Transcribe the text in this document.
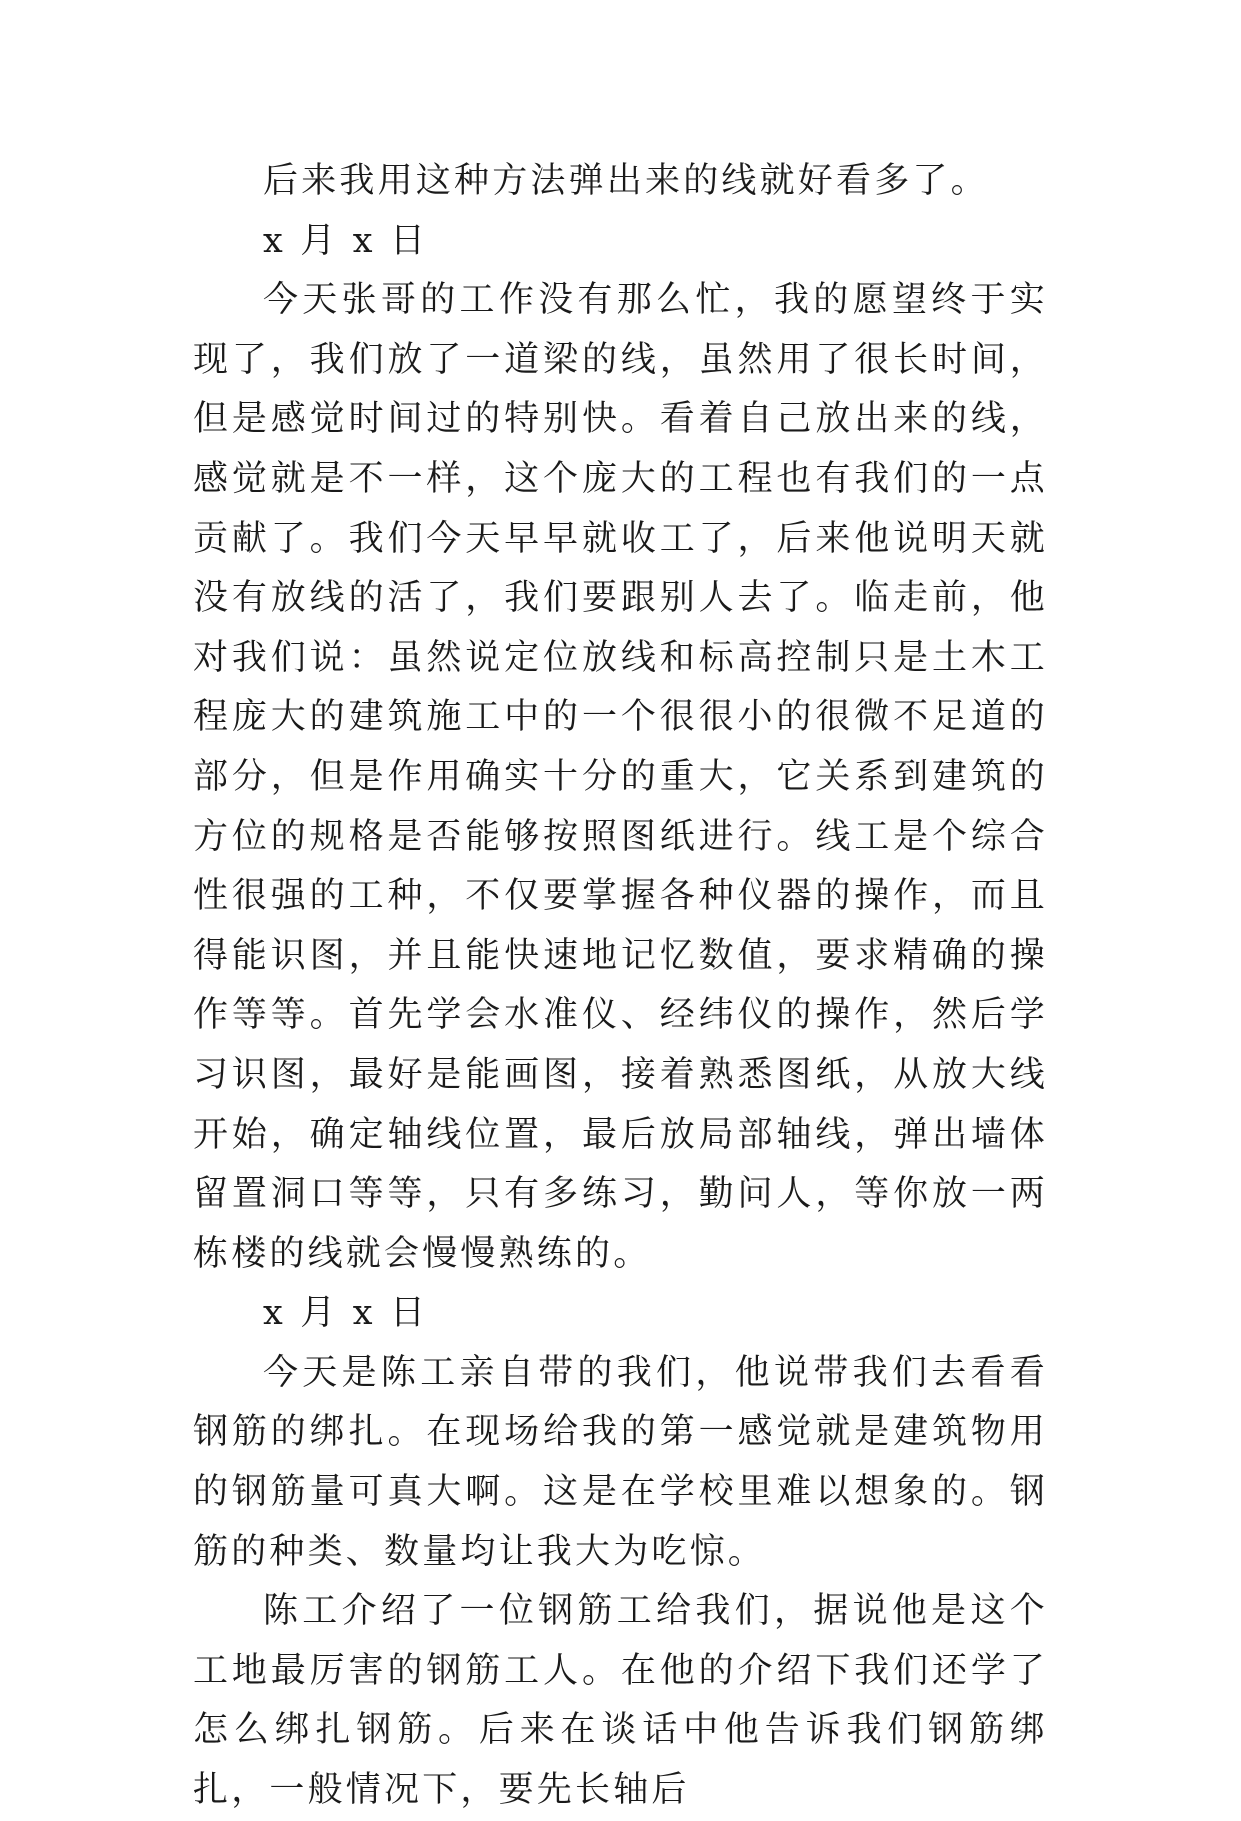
后来我用这种方法弹出来的线就好看多了。

x 月 x 日

今天张哥的工作没有那么忙，我的愿望终于实现了，我们放了一道梁的线，虽然用了很长时间，但是感觉时间过的特别快。看着自己放出来的线，感觉就是不一样，这个庞大的工程也有我们的一点贡献了。我们今天早早就收工了，后来他说明天就没有放线的活了，我们要跟别人去了。临走前，他对我们说：虽然说定位放线和标高控制只是土木工程庞大的建筑施工中的一个很很小的很微不足道的部分，但是作用确实十分的重大，它关系到建筑的方位的规格是否能够按照图纸进行。线工是个综合性很强的工种，不仅要掌握各种仪器的操作，而且得能识图，并且能快速地记忆数值，要求精确的操作等等。首先学会水准仪、经纬仪的操作，然后学习识图，最好是能画图，接着熟悉图纸，从放大线开始，确定轴线位置，最后放局部轴线，弹出墙体留置洞口等等，只有多练习，勤问人，等你放一两栋楼的线就会慢慢熟练的。

x 月 x 日

今天是陈工亲自带的我们，他说带我们去看看钢筋的绑扎。在现场给我的第一感觉就是建筑物用的钢筋量可真大啊。这是在学校里难以想象的。钢筋的种类、数量均让我大为吃惊。

陈工介绍了一位钢筋工给我们，据说他是这个工地最厉害的钢筋工人。在他的介绍下我们还学了怎么绑扎钢筋。后来在谈话中他告诉我们钢筋绑扎，一般情况下，要先长轴后
